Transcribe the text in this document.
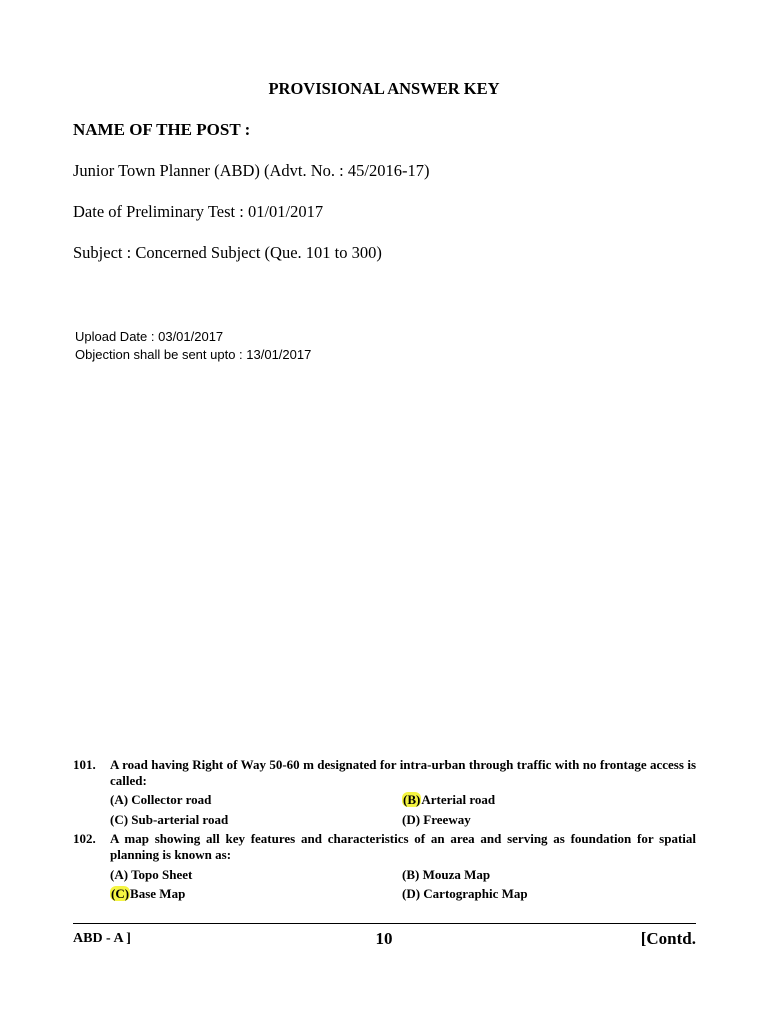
PROVISIONAL ANSWER KEY
NAME OF THE POST :
Junior Town Planner (ABD) (Advt. No. : 45/2016-17)
Date of Preliminary Test : 01/01/2017
Subject : Concerned Subject (Que. 101 to 300)
Upload Date : 03/01/2017
Objection shall be sent upto : 13/01/2017
101. A road having Right of Way 50-60 m designated for intra-urban through traffic with no frontage access is called:
(A) Collector road	(B)Arterial road
(C) Sub-arterial road	(D) Freeway
102. A map showing all key features and characteristics of an area and serving as foundation for spatial planning is known as:
(A) Topo Sheet	(B) Mouza Map
(C)Base Map	(D) Cartographic Map
ABD - A ]	10	[Contd.
